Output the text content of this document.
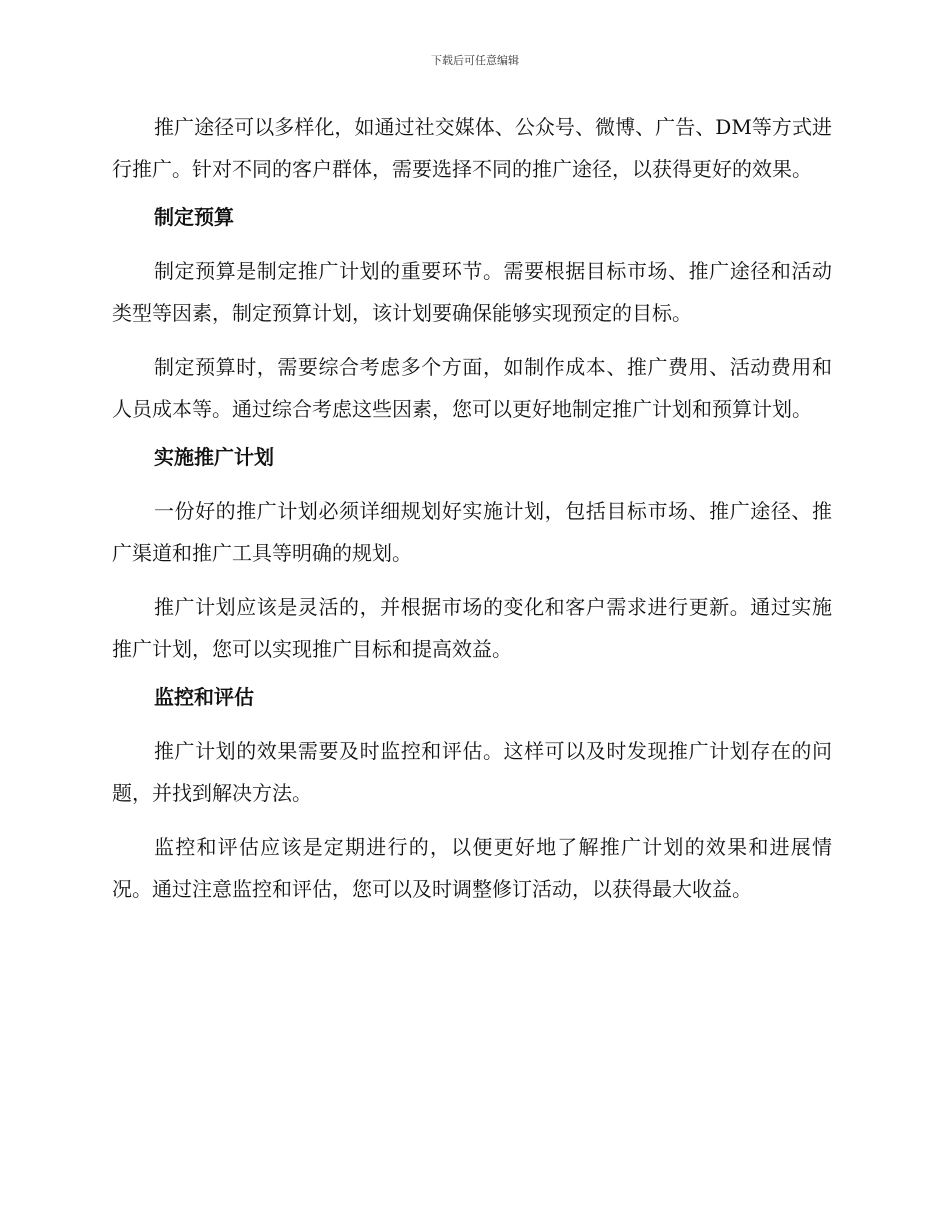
下载后可任意编辑

推广途径可以多样化，如通过社交媒体、公众号、微博、广告、DM等方式进行推广。针对不同的客户群体，需要选择不同的推广途径，以获得更好的效果。

制定预算

制定预算是制定推广计划的重要环节。需要根据目标市场、推广途径和活动类型等因素，制定预算计划，该计划要确保能够实现预定的目标。

制定预算时，需要综合考虑多个方面，如制作成本、推广费用、活动费用和人员成本等。通过综合考虑这些因素，您可以更好地制定推广计划和预算计划。

实施推广计划

一份好的推广计划必须详细规划好实施计划，包括目标市场、推广途径、推广渠道和推广工具等明确的规划。

推广计划应该是灵活的，并根据市场的变化和客户需求进行更新。通过实施推广计划，您可以实现推广目标和提高效益。

监控和评估

推广计划的效果需要及时监控和评估。这样可以及时发现推广计划存在的问题，并找到解决方法。

监控和评估应该是定期进行的，以便更好地了解推广计划的效果和进展情况。通过注意监控和评估，您可以及时调整修订活动，以获得最大收益。
